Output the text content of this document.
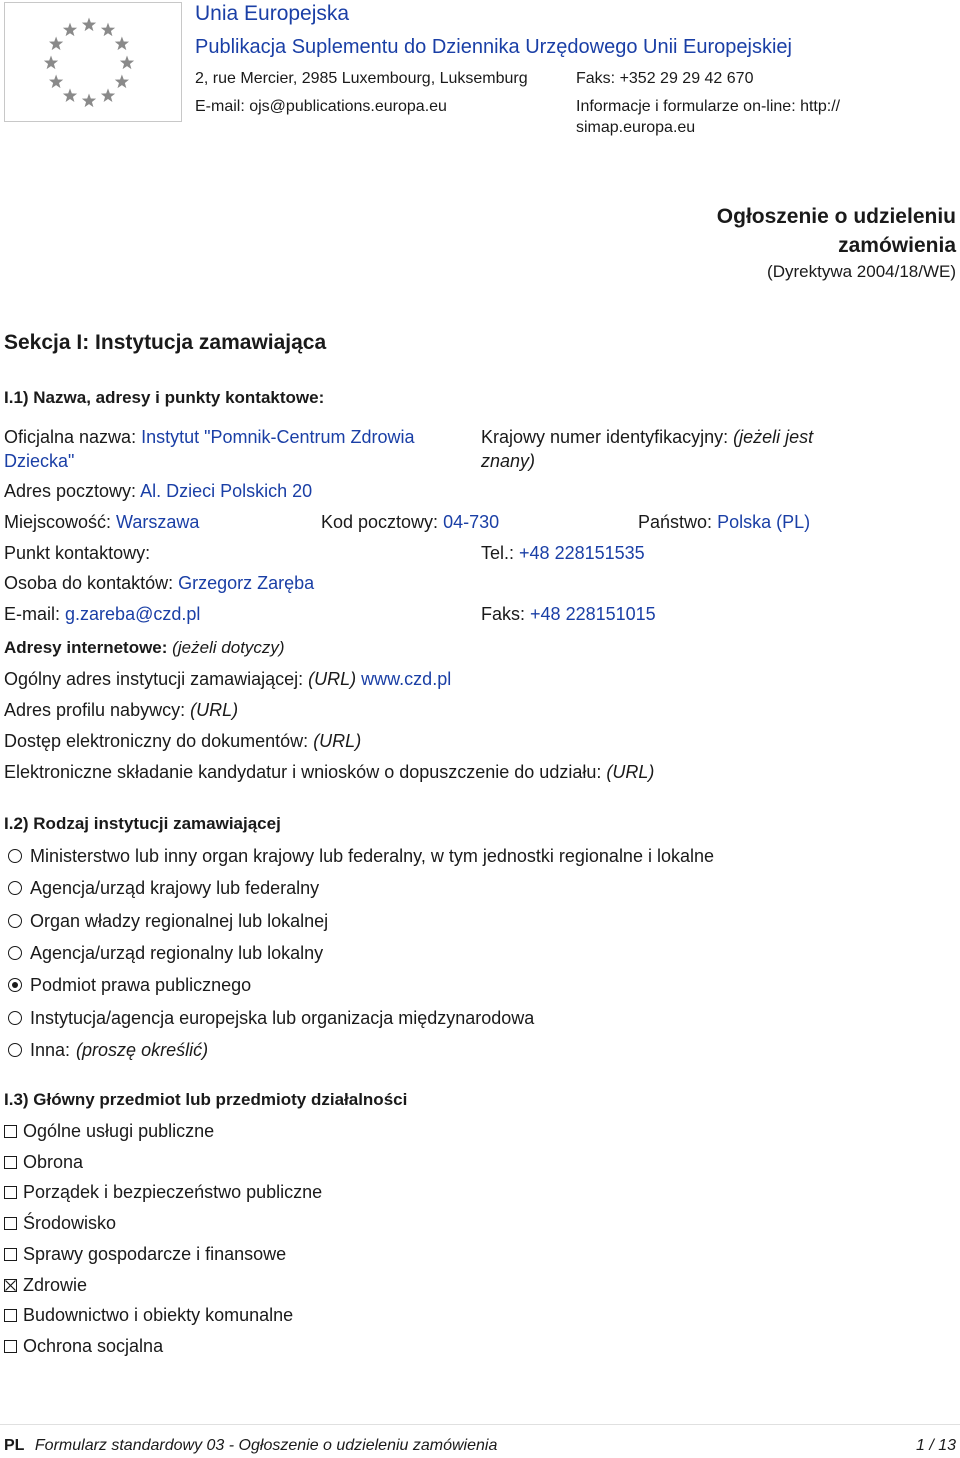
Unia Europejska
Publikacja Suplementu do Dziennika Urzędowego Unii Europejskiej
2, rue Mercier, 2985 Luxembourg, Luksemburg	Faks: +352 29 29 42 670
E-mail: ojs@publications.europa.eu	Informacje i formularze on-line: http://
simap.europa.eu
Ogłoszenie o udzieleniu
zamówienia
(Dyrektywa 2004/18/WE)
Sekcja I: Instytucja zamawiająca
I.1) Nazwa, adresy i punkty kontaktowe:
Oficjalna nazwa: Instytut "Pomnik-Centrum Zdrowia
Dziecka"
Krajowy numer identyfikacyjny: (jeżeli jest
znany)
Adres pocztowy: Al. Dzieci Polskich 20
Miejscowość: Warszawa	Kod pocztowy: 04-730	Państwo: Polska (PL)
Punkt kontaktowy:	Tel.: +48 228151535
Osoba do kontaktów: Grzegorz Zaręba
E-mail: g.zareba@czd.pl	Faks: +48 228151015
Adresy internetowe: (jeżeli dotyczy)
Ogólny adres instytucji zamawiającej: (URL) www.czd.pl
Adres profilu nabywcy: (URL)
Dostęp elektroniczny do dokumentów: (URL)
Elektroniczne składanie kandydatur i wniosków o dopuszczenie do udziału: (URL)
I.2) Rodzaj instytucji zamawiającej
Ministerstwo lub inny organ krajowy lub federalny, w tym jednostki regionalne i lokalne
Agencja/urząd krajowy lub federalny
Organ władzy regionalnej lub lokalnej
Agencja/urząd regionalny lub lokalny
Podmiot prawa publicznego
Instytucja/agencja europejska lub organizacja międzynarodowa
Inna: (proszę określić)
I.3) Główny przedmiot lub przedmioty działalności
Ogólne usługi publiczne
Obrona
Porządek i bezpieczeństwo publiczne
Środowisko
Sprawy gospodarcze i finansowe
Zdrowie
Budownictwo i obiekty komunalne
Ochrona socjalna
PL Formularz standardowy 03 - Ogłoszenie o udzieleniu zamówienia	1 / 13
